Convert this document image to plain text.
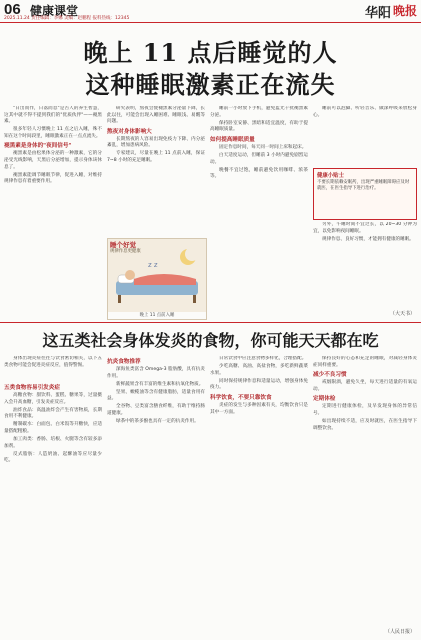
06 健康课堂
2025.11.24 责任编辑：李娜 美编：赵鹏程 报料热线：12345	华阳 晚报
晚上 11 点后睡觉的人
这种睡眠激素正在流失

"日出而作，日落而息"是古人的养生智慧，这其中就不得不提到我们的"优质伙伴"——褪黑素。

很多年轻人习惯晚上 11 点之后入睡，殊不知在这个时间段里，睡眠激素正在一点点流失。

褪黑素是身体的"夜间信号"

褪黑素是由松果体分泌的一种激素，它的分泌受光线影响，天黑后分泌增加，提示身体该休息了。

褪黑素能调节睡眠节律，促进入睡，对维持规律作息有着重要作用。

研究表明，熬夜会使褪黑素分泌量下降，长此以往，可能会出现入睡困难、睡眠浅、易醒等问题。

熬夜对身体影响大

长期熬夜的人容易出现免疫力下降、内分泌紊乱，增加患病风险。

专家建议，尽量在晚上 11 点前入睡，保证 7~8 小时的充足睡眠。

睡个好觉
规律作息更健康
z z
晚上 11 点前入睡

睡前一小时放下手机，避免蓝光干扰褪黑素分泌。

保持卧室安静、黑暗和适宜温度，有助于提高睡眠质量。

如何提高睡眠质量

固定作息时间，每天同一时间上床和起床。

白天适度运动，但睡前 3 小时内避免剧烈运动。

晚餐不宜过饱，睡前避免饮用咖啡、浓茶等。

睡前可以泡脚、听轻音乐、做深呼吸来放松身心。

健康小贴士
不要长期依赖安眠药，出现严重睡眠障碍应及时就医，在医生指导下进行治疗。

另外，午睡时间不宜过长，以 20~30 分钟为宜，以免影响夜间睡眠。

规律作息、良好习惯，才能拥有健康的睡眠。

（大天书）
这五类社会身体发炎的食物，你可能天天都在吃

身体出现炎症往往与饮食密切相关，以下五类食物可能会促进炎症反应，值得警惕。

五类食物容易引发炎症

高糖食物：甜饮料、蛋糕、糖果等，过量摄入会升高血糖，引发炎症反应。

油炸食品：高温油炸会产生有害物质，长期食用不利健康。

精制碳水：白面包、白米饭等升糖快，应适量搭配粗粮。

加工肉类：香肠、培根、火腿等含有较多添加剂。

反式脂肪：人造奶油、起酥油等应尽量少吃。

抗炎食物推荐

深海鱼类富含 Omega-3 脂肪酸，具有抗炎作用。

新鲜蔬果含有丰富的维生素和抗氧化物质。

坚果、橄榄油等含有健康脂肪，适量食用有益。

全谷物、豆类富含膳食纤维，有助于维持肠道健康。

绿茶中的茶多酚也具有一定的抗炎作用。

日常饮食中应注意食物多样化，合理搭配。

少吃高糖、高油、高盐食物，多吃新鲜蔬菜水果。

同时保持规律作息和适量运动，增强身体免疫力。

科学饮食，不要只靠饮食

炎症的发生与多种因素有关，均衡饮食只是其中一方面。

保持良好的心态和充足的睡眠，对减轻身体炎症同样重要。

减少不良习惯

戒烟限酒，避免久坐，每天进行适量的有氧运动。

定期体检

定期进行健康体检，及早发现身体的异常信号。

如出现持续不适，应及时就医，在医生指导下调整饮食。

（人民日报）
